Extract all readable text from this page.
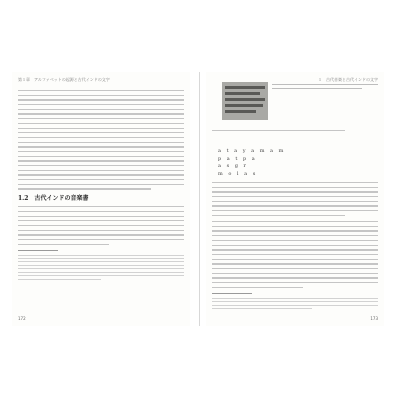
第１章　アルファベットの起源と古代インドの文字
1.2　古代インドの音楽書
172
１　古代音楽と古代インドの文字
a t a y a m a m
p a t p a
a s g r
m o l a s
173
